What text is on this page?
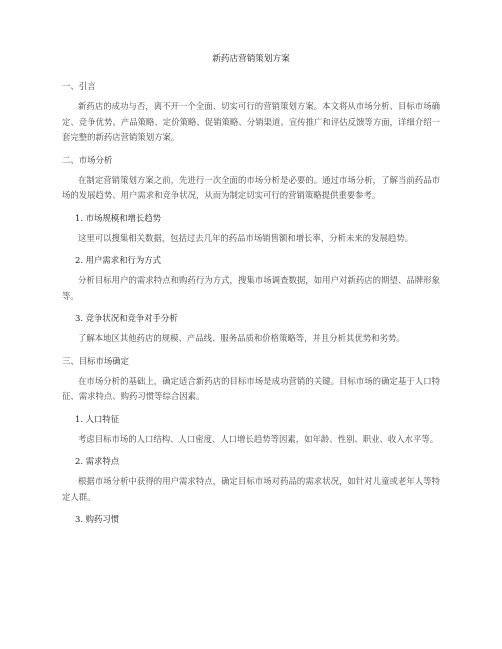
新药店营销策划方案
一、引言
新药店的成功与否，离不开一个全面、切实可行的营销策划方案。本文将从市场分析、目标市场确定、竞争优势、产品策略、定价策略、促销策略、分销渠道、宣传推广和评估反馈等方面，详细介绍一套完整的新药店营销策划方案。
二、市场分析
在制定营销策划方案之前，先进行一次全面的市场分析是必要的。通过市场分析，了解当前药品市场的发展趋势、用户需求和竞争状况，从而为制定切实可行的营销策略提供重要参考。
1. 市场规模和增长趋势
这里可以搜集相关数据，包括过去几年的药品市场销售额和增长率，分析未来的发展趋势。
2. 用户需求和行为方式
分析目标用户的需求特点和购药行为方式，搜集市场调查数据，如用户对新药店的期望、品牌形象等。
3. 竞争状况和竞争对手分析
了解本地区其他药店的规模、产品线、服务品质和价格策略等，并且分析其优势和劣势。
三、目标市场确定
在市场分析的基础上，确定适合新药店的目标市场是成功营销的关键。目标市场的确定基于人口特征、需求特点、购药习惯等综合因素。
1. 人口特征
考虑目标市场的人口结构、人口密度、人口增长趋势等因素，如年龄、性别、职业、收入水平等。
2. 需求特点
根据市场分析中获得的用户需求特点，确定目标市场对药品的需求状况，如针对儿童或老年人等特定人群。
3. 购药习惯
